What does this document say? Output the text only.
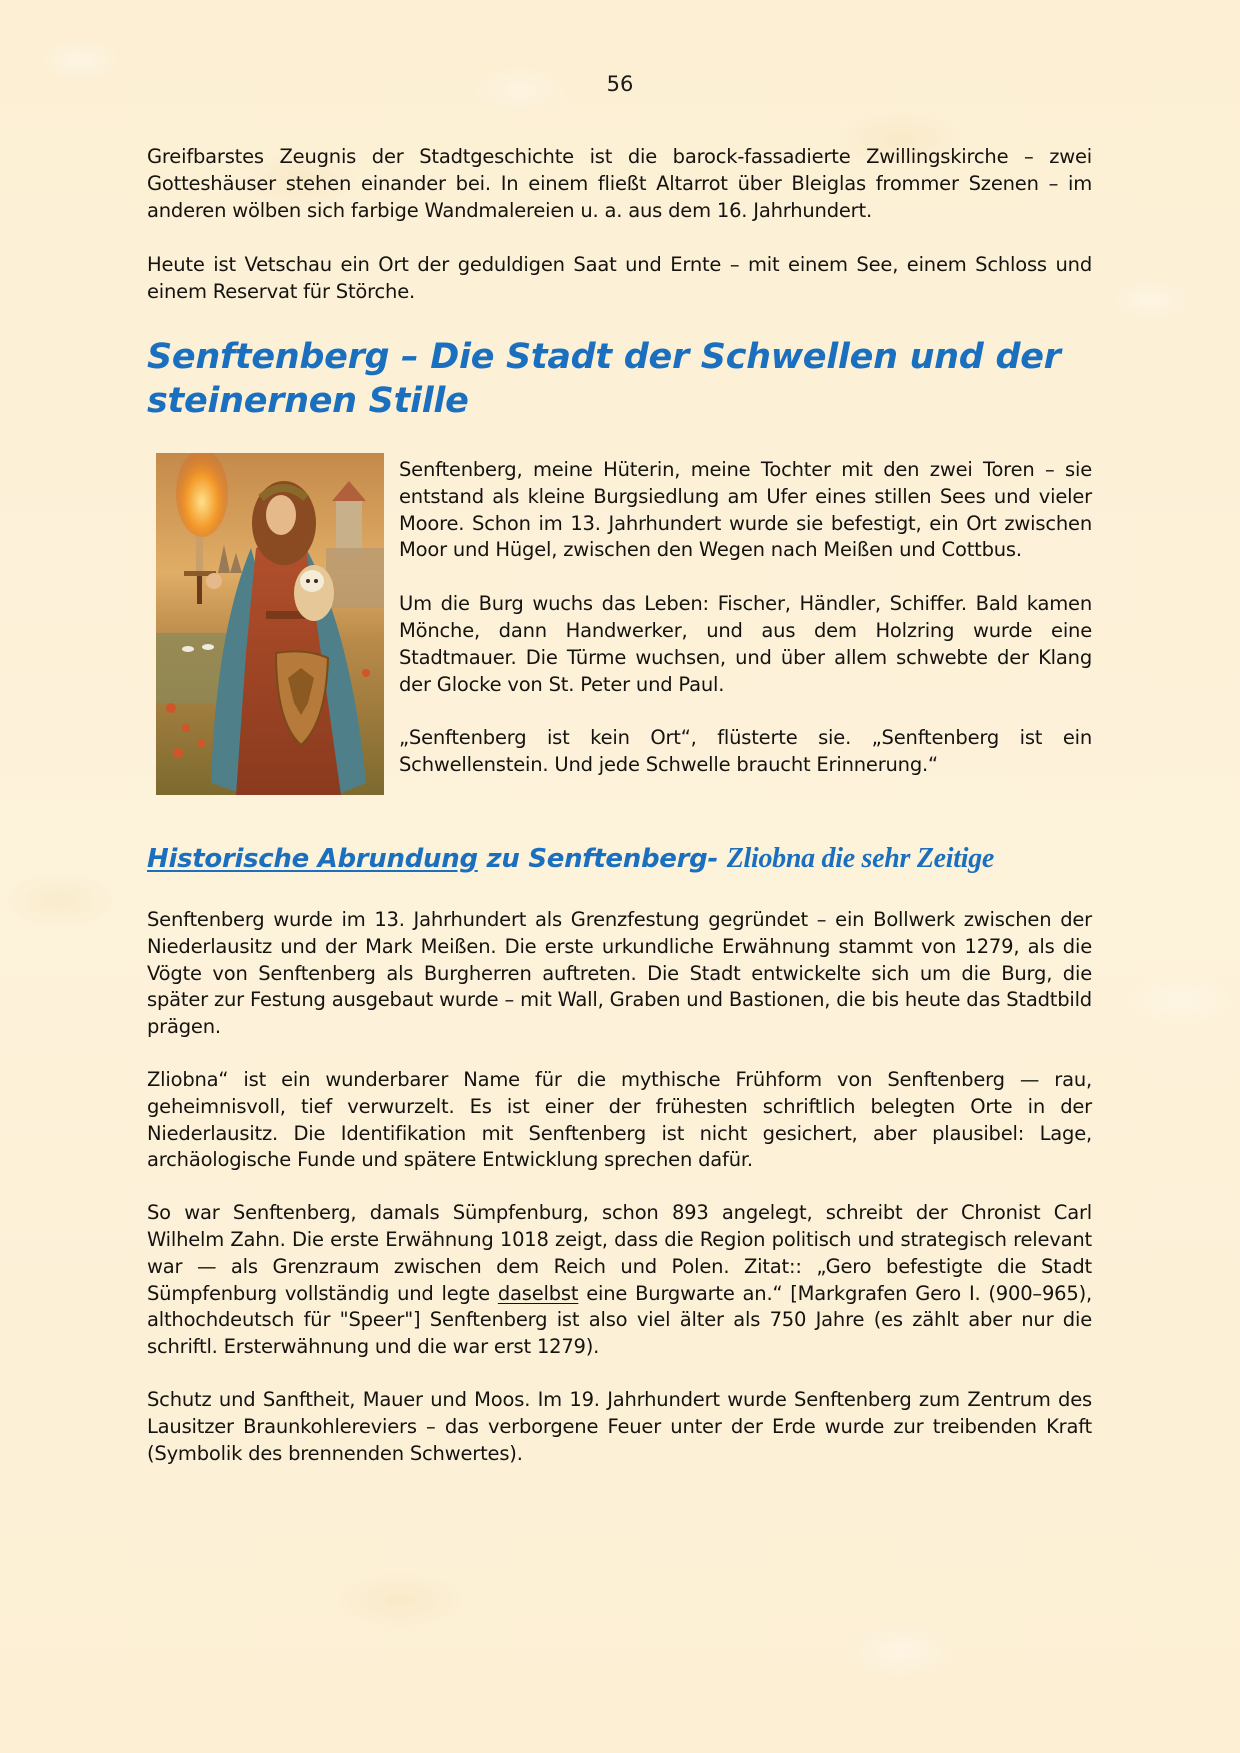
56

Greifbarstes Zeugnis der Stadtgeschichte ist die barock-fassadierte Zwillingskirche – zwei Gotteshäuser stehen einander bei. In einem fließt Altarrot über Bleiglas frommer Szenen – im anderen wölben sich farbige Wandmalereien u. a. aus dem 16. Jahrhundert.

Heute ist Vetschau ein Ort der geduldigen Saat und Ernte – mit einem See, einem Schloss und einem Reservat für Störche.

Senftenberg – Die Stadt der Schwellen und der steinernen Stille

Senftenberg, meine Hüterin, meine Tochter mit den zwei Toren – sie entstand als kleine Burgsiedlung am Ufer eines stillen Sees und vieler Moore. Schon im 13. Jahrhundert wurde sie befestigt, ein Ort zwischen Moor und Hügel, zwischen den Wegen nach Meißen und Cottbus.

Um die Burg wuchs das Leben: Fischer, Händler, Schiffer. Bald kamen Mönche, dann Handwerker, und aus dem Holzring wurde eine Stadtmauer. Die Türme wuchsen, und über allem schwebte der Klang der Glocke von St. Peter und Paul.

„Senftenberg ist kein Ort“, flüsterte sie. „Senftenberg ist ein Schwellenstein. Und jede Schwelle braucht Erinnerung.“

Historische Abrundung zu Senftenberg- Zliobna die sehr Zeitige

Senftenberg wurde im 13. Jahrhundert als Grenzfestung gegründet – ein Bollwerk zwischen der Niederlausitz und der Mark Meißen. Die erste urkundliche Erwähnung stammt von 1279, als die Vögte von Senftenberg als Burgherren auftreten. Die Stadt entwickelte sich um die Burg, die später zur Festung ausgebaut wurde – mit Wall, Graben und Bastionen, die bis heute das Stadtbild prägen.

Zliobna“ ist ein wunderbarer Name für die mythische Frühform von Senftenberg — rau, geheimnisvoll, tief verwurzelt. Es ist einer der frühesten schriftlich belegten Orte in der Niederlausitz. Die Identifikation mit Senftenberg ist nicht gesichert, aber plausibel: Lage, archäologische Funde und spätere Entwicklung sprechen dafür.

So war Senftenberg, damals Sümpfenburg, schon 893 angelegt, schreibt der Chronist Carl Wilhelm Zahn. Die erste Erwähnung 1018 zeigt, dass die Region politisch und strategisch relevant war — als Grenzraum zwischen dem Reich und Polen. Zitat:: „Gero befestigte die Stadt Sümpfenburg vollständig und legte daselbst eine Burgwarte an.“ [Markgrafen Gero I. (900–965), althochdeutsch für "Speer"] Senftenberg ist also viel älter als 750 Jahre (es zählt aber nur die schriftl. Ersterwähnung und die war erst 1279).

Schutz und Sanftheit, Mauer und Moos. Im 19. Jahrhundert wurde Senftenberg zum Zentrum des Lausitzer Braunkohlereviers – das verborgene Feuer unter der Erde wurde zur treibenden Kraft (Symbolik des brennenden Schwertes).
